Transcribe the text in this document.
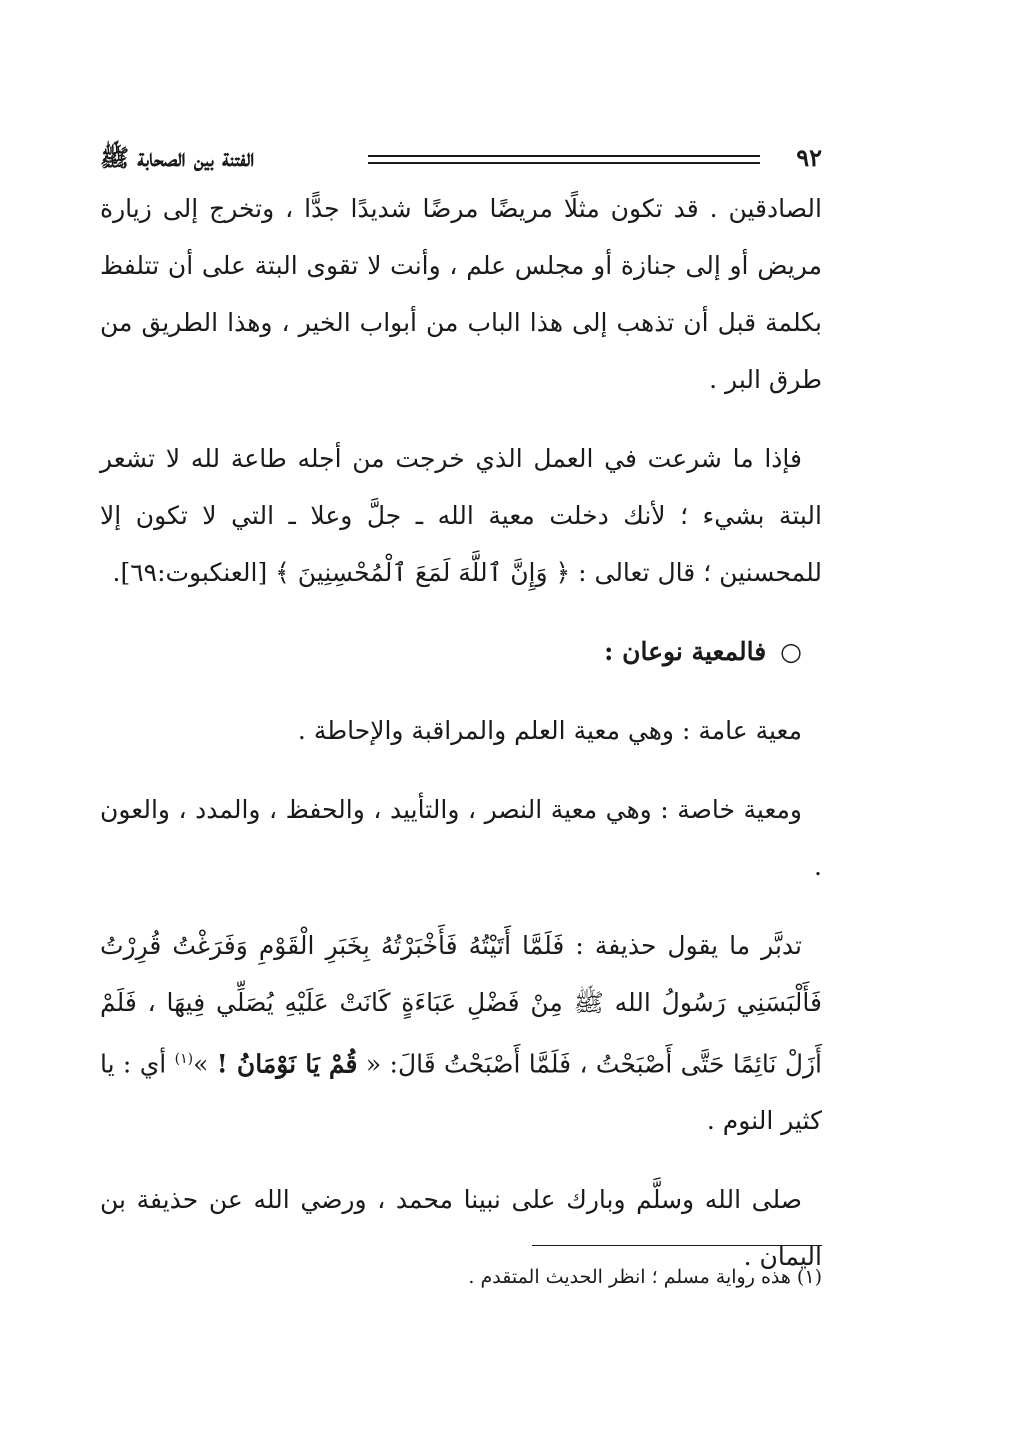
٩٢
الفتنة بين الصحابة ﷺ

الصادقين . قد تكون مثلًا مريضًا مرضًا شديدًا جدًّا ، وتخرج إلى زيارة مريض أو إلى جنازة أو مجلس علم ، وأنت لا تقوى البتة على أن تتلفظ بكلمة قبل أن تذهب إلى هذا الباب من أبواب الخير ، وهذا الطريق من طرق البر .

فإذا ما شرعت في العمل الذي خرجت من أجله طاعة لله لا تشعر البتة بشيء ؛ لأنك دخلت معية الله ـ جلَّ وعلا ـ التي لا تكون إلا للمحسنين ؛ قال تعالى : ﴿ وَإِنَّ ٱللَّهَ لَمَعَ ٱلْمُحْسِنِينَ ﴾ [العنكبوت:٦٩].

○ فالمعية نوعان :

معية عامة : وهي معية العلم والمراقبة والإحاطة .

ومعية خاصة : وهي معية النصر ، والتأييد ، والحفظ ، والمدد ، والعون .

تدبَّر ما يقول حذيفة : فَلَمَّا أَتَيْتُهُ فَأَخْبَرْتُهُ بِخَبَرِ الْقَوْمِ وَفَرَغْتُ قُرِرْتُ فَأَلْبَسَنِي رَسُولُ الله ﷺ مِنْ فَضْلِ عَبَاءَةٍ كَانَتْ عَلَيْهِ يُصَلِّي فِيهَا ، فَلَمْ أَزَلْ نَائِمًا حَتَّى أَصْبَحْتُ ، فَلَمَّا أَصْبَحْتُ قَالَ: « قُمْ يَا نَوْمَانُ ! »$^{(١)}$ أي : يا كثير النوم .

صلى الله وسلَّم وبارك على نبينا محمد ، ورضي الله عن حذيفة بن اليمان .

(١) هذه رواية مسلم ؛ انظر الحديث المتقدم .
